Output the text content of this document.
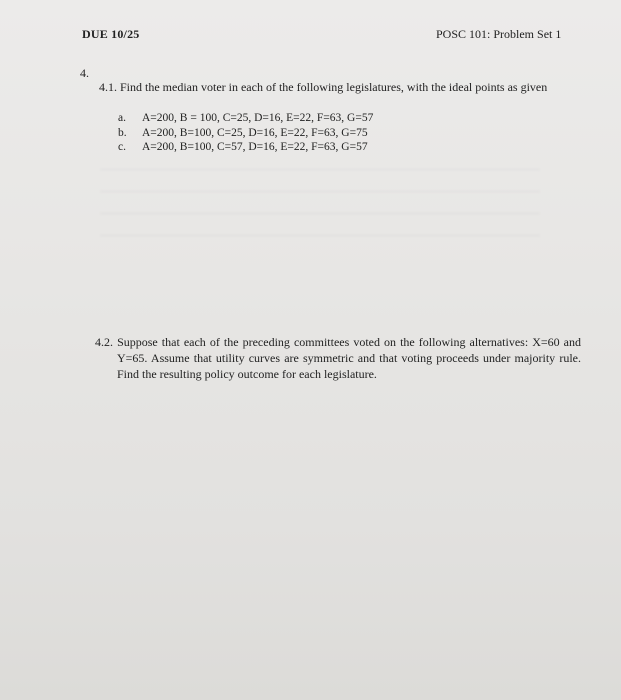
DUE 10/25	POSC 101: Problem Set 1
4.
4.1. Find the median voter in each of the following legislatures, with the ideal points as given
a.	A=200, B = 100, C=25, D=16, E=22, F=63, G=57
b.	A=200, B=100, C=25, D=16, E=22, F=63, G=75
c.	A=200, B=100, C=57, D=16, E=22, F=63, G=57
4.2. Suppose that each of the preceding committees voted on the following alternatives: X=60 and Y=65. Assume that utility curves are symmetric and that voting proceeds under majority rule. Find the resulting policy outcome for each legislature.
